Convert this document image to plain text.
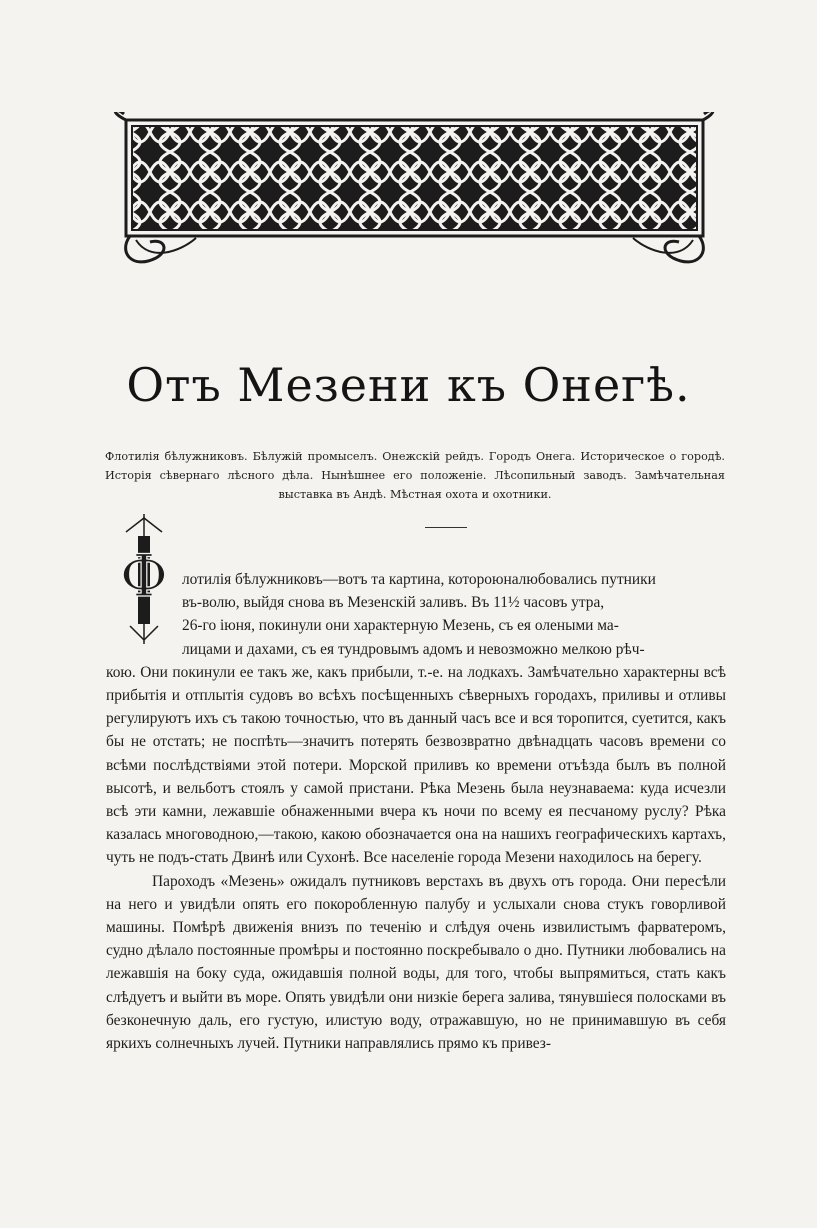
Отъ Мезени къ Онегѣ.
Флотилія бѣлужниковъ. Бѣлужій промыселъ. Онежскій рейдъ. Городъ Онега. Историческое о городѣ. Исторія сѣвернаго лѣсного дѣла. Нынѣшнее его положеніе. Лѣсопильный заводъ. Замѣчательная выставка въ Андѣ. Мѣстная охота и охотники.
Ф лотилія бѣлужниковъ—вотъ та картина, котороюналюбовались путники

въ-волю, выйдя снова въ Мезенскій заливъ. Въ 11½ часовъ утра,

26-го іюня, покинули они характерную Мезень, съ ея олеными ма-

лицами и дахами, съ ея тундровымъ адомъ и невозможно мелкою рѣч-

кою. Они покинули ее такъ же, какъ прибыли, т.-е. на лодкахъ. Замѣчательно характерны всѣ прибытія и отплытія судовъ во всѣхъ посѣщенныхъ сѣверныхъ городахъ, приливы и отливы регулируютъ ихъ съ такою точностью, что въ данный часъ все и вся торопится, суетится, какъ бы не отстать; не поспѣть—значитъ потерять безвозвратно двѣнадцать часовъ времени со всѣми послѣдствіями этой потери. Морской приливъ ко времени отъѣзда былъ въ полной высотѣ, и вельботъ стоялъ у самой пристани. Рѣка Мезень была неузнаваема: куда исчезли всѣ эти камни, лежавшіе обнаженными вчера къ ночи по всему ея песчаному руслу? Рѣка казалась многоводною,—такою, какою обозначается она на нашихъ географическихъ картахъ, чуть не подъ-стать Двинѣ или Сухонѣ. Все населеніе города Мезени находилось на берегу.

Пароходъ «Мезень» ожидалъ путниковъ верстахъ въ двухъ отъ города. Они пересѣли на него и увидѣли опять его покоробленную палубу и услыхали снова стукъ говорливой машины. Помѣрѣ движенія внизъ по теченію и слѣдуя очень извилистымъ фарватеромъ, судно дѣлало постоянные промѣры и постоянно поскребывало о дно. Путники любовались на лежавшія на боку суда, ожидавшія полной воды, для того, чтобы выпрямиться, стать какъ слѣдуетъ и выйти въ море. Опять увидѣли они низкіе берега залива, тянувшіеся полосками въ безконечную даль, его густую, илистую воду, отражавшую, но не принимавшую въ себя яркихъ солнечныхъ лучей. Путники направлялись прямо къ привез-
